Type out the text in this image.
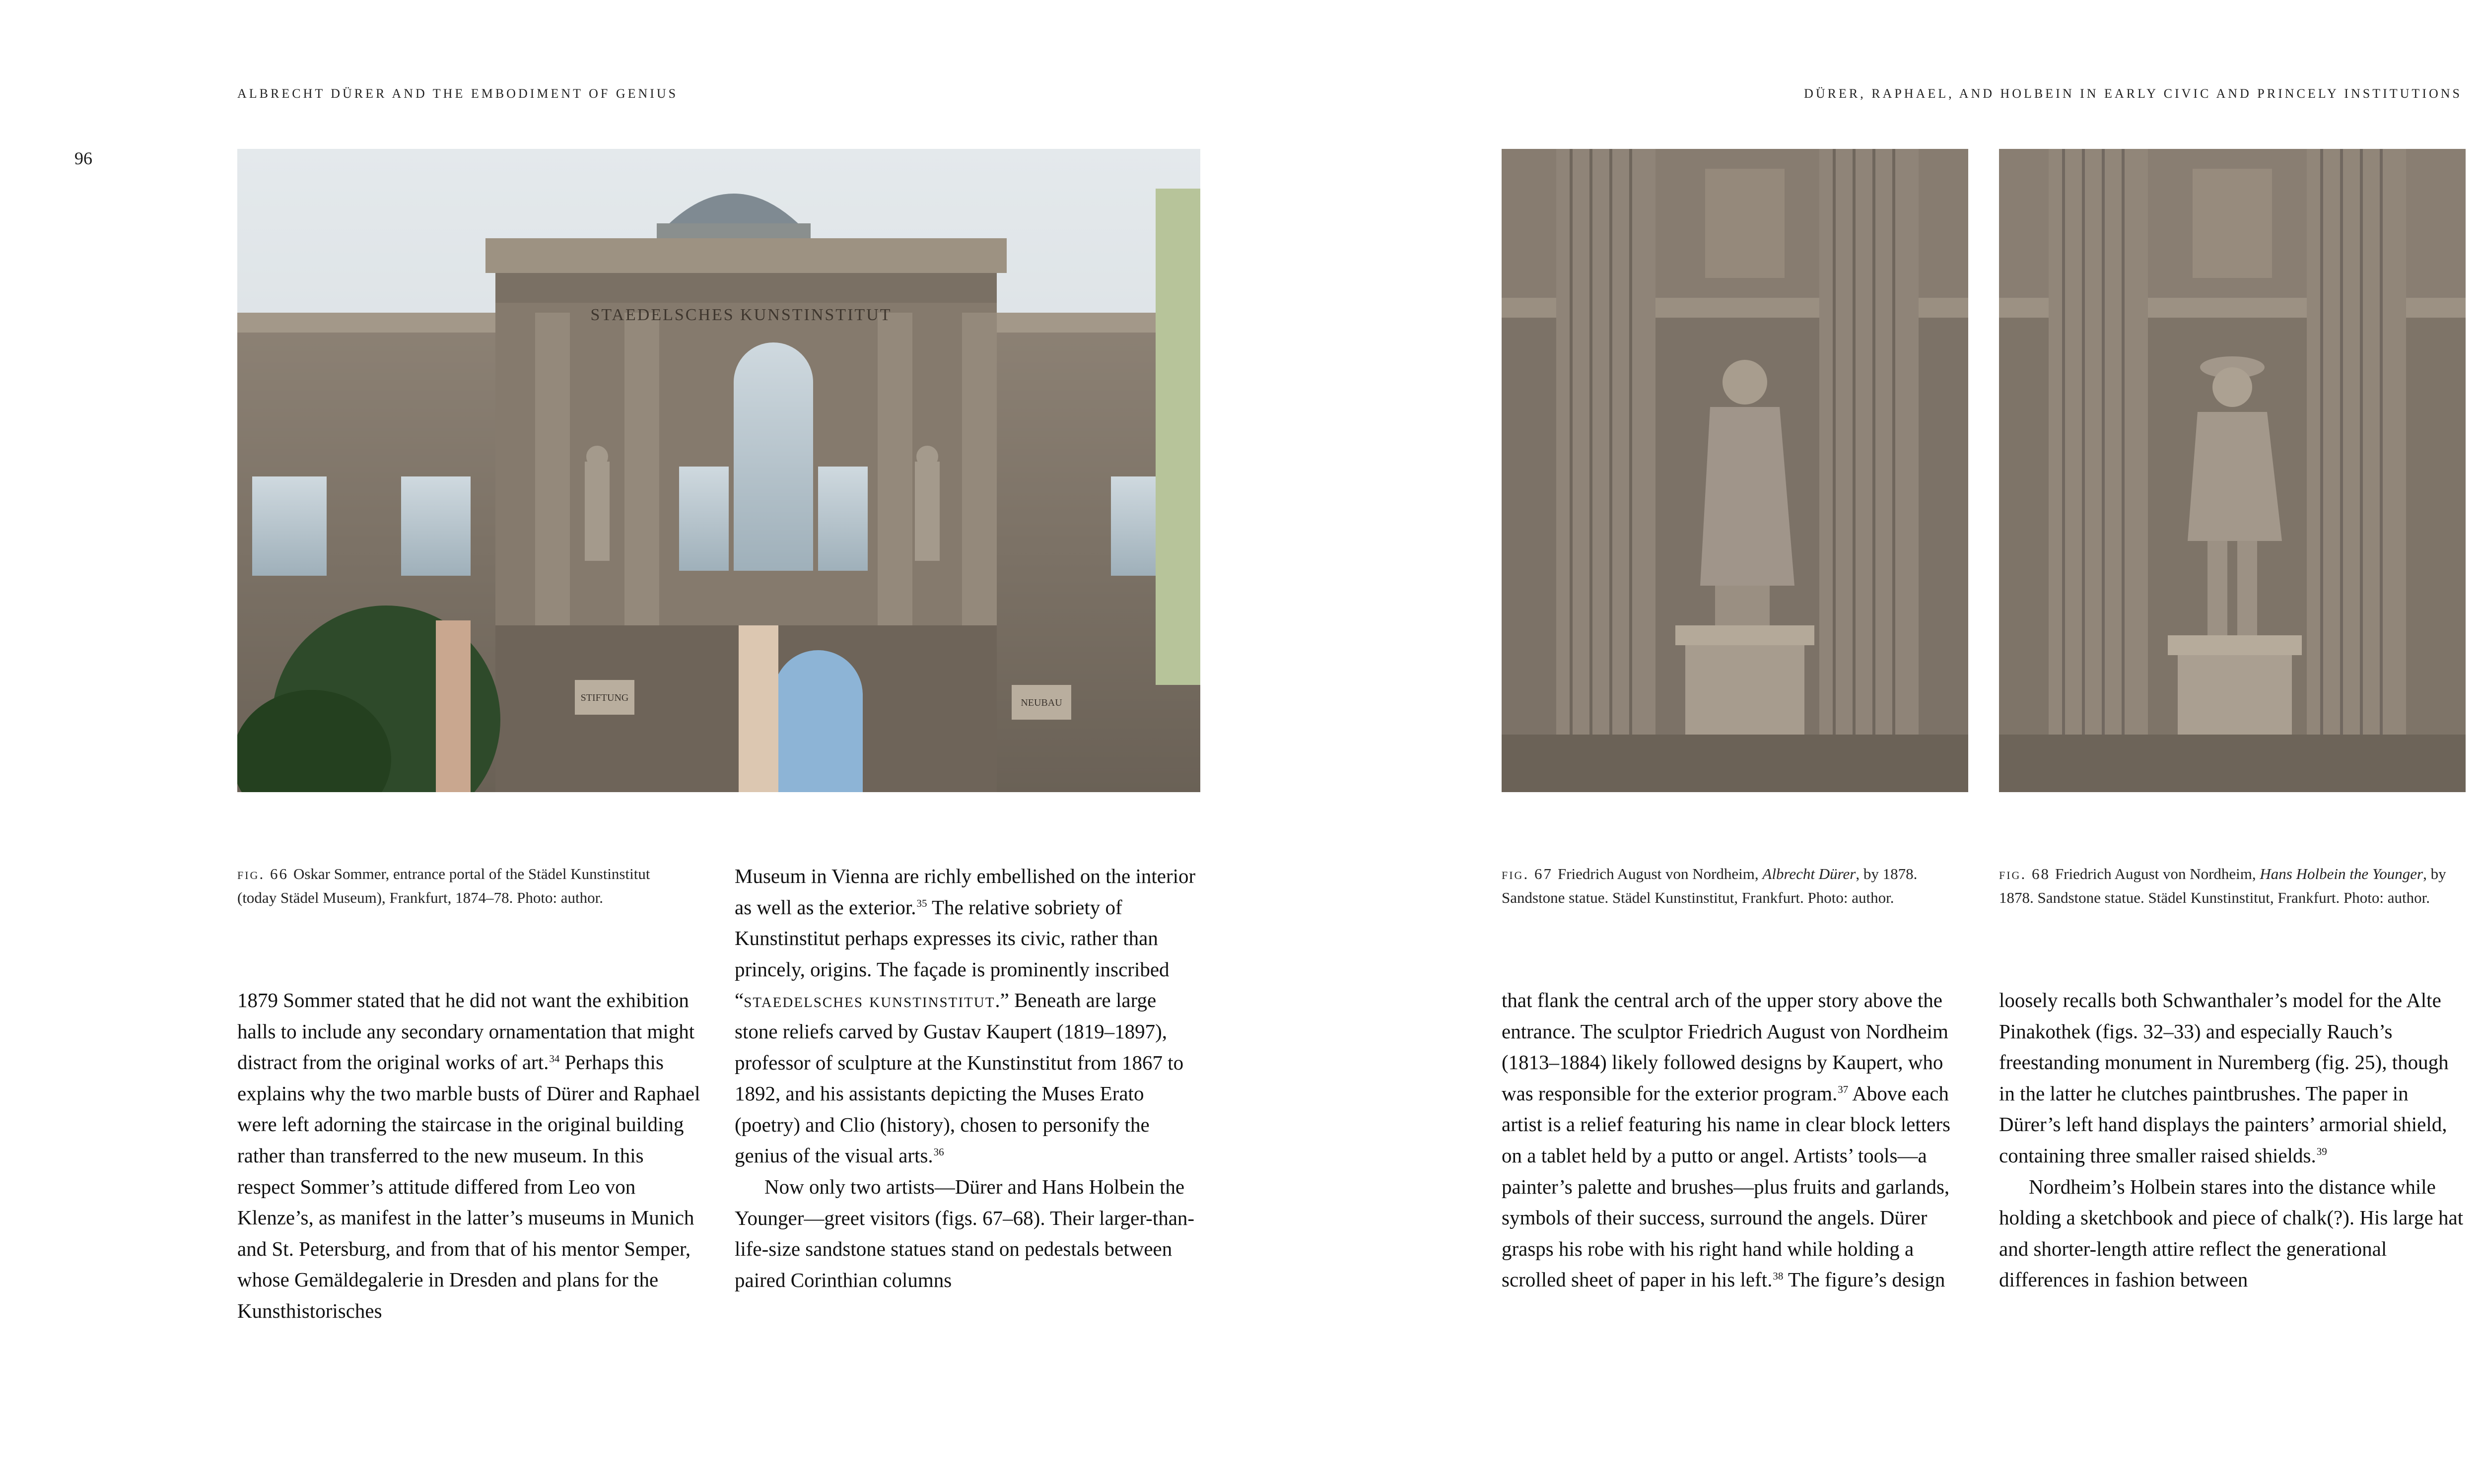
ALBRECHT DÜRER AND THE EMBODIMENT OF GENIUS
96
STIFTUNG	NEUBAU
STAEDELSCHES KUNSTINSTITUT
fig. 66 Oskar Sommer, entrance portal of the Städel Kunstinstitut (today Städel Museum), Frankfurt, 1874–78. Photo: author.

1879 Sommer stated that he did not want the exhibition halls to include any secondary ornamentation that might distract from the original works of art.$^{34}$ Perhaps this explains why the two marble busts of Dürer and Raphael were left adorning the staircase in the original building rather than transferred to the new museum. In this respect Sommer’s attitude differed from Leo von Klenze’s, as manifest in the latter’s museums in Munich and St. Petersburg, and from that of his mentor Semper, whose Gemäldegalerie in Dresden and plans for the Kunsthistorisches

Museum in Vienna are richly embellished on the interior as well as the exterior.$^{35}$ The relative sobriety of Kunstinstitut perhaps expresses its civic, rather than princely, origins. The façade is prominently inscribed “staedelsches kunstinstitut.” Beneath are large stone reliefs carved by Gustav Kaupert (1819–1897), professor of sculpture at the Kunstinstitut from 1867 to 1892, and his assistants depicting the Muses Erato (poetry) and Clio (history), chosen to personify the genius of the visual arts.$^{36}$

Now only two artists—Dürer and Hans Holbein the Younger—greet visitors (figs. 67–68). Their larger-than-life-size sandstone statues stand on pedestals between paired Corinthian columns

DÜRER, RAPHAEL, AND HOLBEIN IN EARLY CIVIC AND PRINCELY INSTITUTIONS
fig. 67 Friedrich August von Nordheim, Albrecht Dürer, by 1878. Sandstone statue. Städel Kunstinstitut, Frankfurt. Photo: author.
fig. 68 Friedrich August von Nordheim, Hans Holbein the Younger, by 1878. Sandstone statue. Städel Kunstinstitut, Frankfurt. Photo: author.

that flank the central arch of the upper story above the entrance. The sculptor Friedrich August von Nordheim (1813–1884) likely followed designs by Kaupert, who was responsible for the exterior program.$^{37}$ Above each artist is a relief featuring his name in clear block letters on a tablet held by a putto or angel. Artists’ tools—a painter’s palette and brushes—plus fruits and garlands, symbols of their success, surround the angels. Dürer grasps his robe with his right hand while holding a scrolled sheet of paper in his left.$^{38}$ The figure’s design

loosely recalls both Schwanthaler’s model for the Alte Pinakothek (figs. 32–33) and especially Rauch’s freestanding monument in Nuremberg (fig. 25), though in the latter he clutches paintbrushes. The paper in Dürer’s left hand displays the painters’ armorial shield, containing three smaller raised shields.$^{39}$

Nordheim’s Holbein stares into the distance while holding a sketchbook and piece of chalk(?). His large hat and shorter-length attire reflect the generational differences in fashion between
